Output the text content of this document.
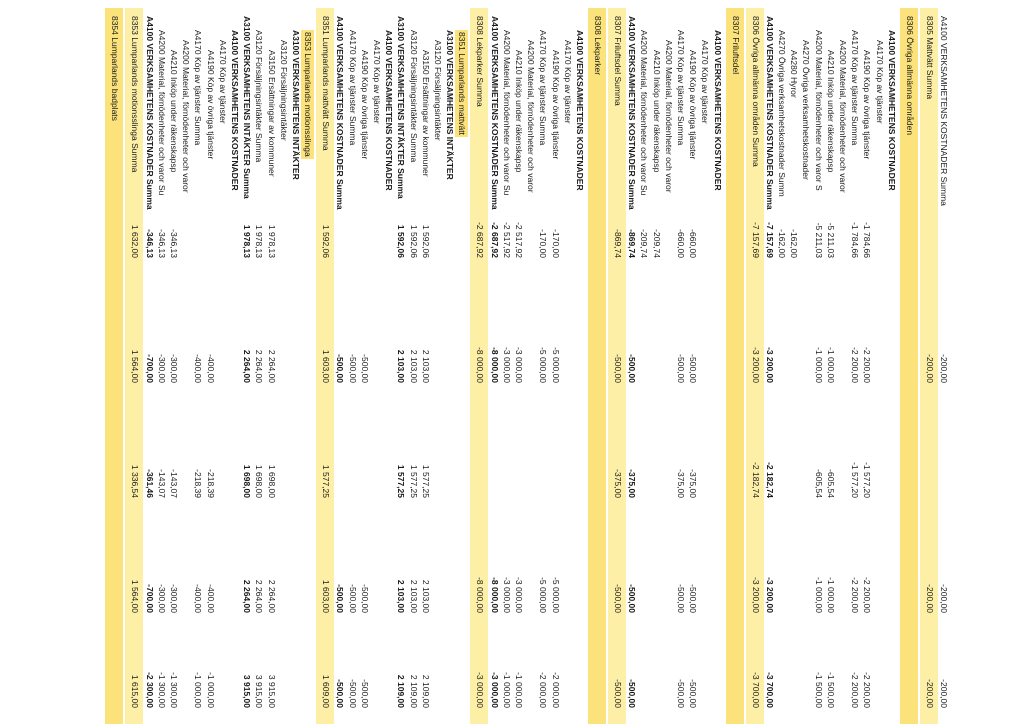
A4100 VERKSAMHETENS KOSTNADER Summa
-200,00
-200,00
-200,00
8305 Mattvätt Summa
-200,00
-200,00
-200,00
8306 Övriga allmänna områden
A4100 VERKSAMHETENS KOSTNADER
A4170 Köp av tjänster
A4190 Köp av övriga tjänster
-1 784,66
-2 200,00
-1 577,20
-2 200,00
-2 200,00
A4170 Köp av tjänster Summa
-1 784,66
-2 200,00
-1 577,20
-2 200,00
-2 200,00
A4200 Material, förnödenheter och varor
A4210 Inköp under räkenskapsp
-5 211,03
-1 000,00
-605,54
-1 000,00
-1 500,00
A4200 Material, förnödenheter och varor S
-5 211,03
-1 000,00
-605,54
-1 000,00
-1 500,00
A4270 Övriga verksamhetskostnader
A4280 Hyror
-162,00
A4270 Övriga verksamhetskostnader Summ
-162,00
A4100 VERKSAMHETENS KOSTNADER Summa
-7 157,69
-3 200,00
-2 182,74
-3 200,00
-3 700,00
8306 Övriga allmänna områden Summa
-7 157,69
-3 200,00
-2 182,74
-3 200,00
-3 700,00
8307 Friluftsdel
A4100 VERKSAMHETENS KOSTNADER
A4170 Köp av tjänster
A4190 Köp av övriga tjänster
-660,00
-500,00
-375,00
-500,00
-500,00
A4170 Köp av tjänster Summa
-660,00
-500,00
-375,00
-500,00
-500,00
A4200 Material, förnödenheter och varor
A4210 Inköp under räkenskapsp
-209,74
A4200 Material, förnödenheter och varor Su
-209,74
A4100 VERKSAMHETENS KOSTNADER Summa
-869,74
-500,00
-375,00
-500,00
-500,00
8307 Friluftsdel Summa
-869,74
-500,00
-375,00
-500,00
-500,00
8308 Lekparker
A4100 VERKSAMHETENS KOSTNADER
A4170 Köp av tjänster
A4190 Köp av övriga tjänster
-170,00
-5 000,00
-5 000,00
-2 000,00
A4170 Köp av tjänster Summa
-170,00
-5 000,00
-5 000,00
-2 000,00
A4200 Material, förnödenheter och varor
A4210 Inköp under räkenskapsp
-2 517,92
-3 000,00
-3 000,00
-1 000,00
A4200 Material, förnödenheter och varor Su
-2 517,92
-3 000,00
-3 000,00
-1 000,00
A4100 VERKSAMHETENS KOSTNADER Summa
-2 687,92
-8 000,00
-8 000,00
-3 000,00
8308 Lekparker Summa
-2 687,92
-8 000,00
-8 000,00
-3 000,00
8351 Lumparlands mattvätt
A3100 VERKSAMHETENS INTÄKTER
A3120 Försäljningsintäkter
A3150 Ersättningar av kommuner
1 592,06
2 103,00
1 577,25
2 103,00
2 109,00
A3120 Försäljningsintäkter Summa
1 592,06
2 103,00
1 577,25
2 103,00
2 109,00
A3100 VERKSAMHETENS INTÄKTER Summa
1 592,06
2 103,00
1 577,25
2 103,00
2 109,00
A4100 VERKSAMHETENS KOSTNADER
A4170 Köp av tjänster
A4190 Köp av övriga tjänster
-500,00
-500,00
-500,00
A4170 Köp av tjänster Summa
-500,00
-500,00
-500,00
A4100 VERKSAMHETENS KOSTNADER Summa
-500,00
-500,00
-500,00
8351 Lumparlands mattvätt Summa
1 592,06
1 603,00
1 577,25
1 603,00
1 609,00
8353 Lumparlands motionsslinga
A3100 VERKSAMHETENS INTÄKTER
A3120 Försäljningsintäkter
A3150 Ersättningar av kommuner
1 978,13
2 264,00
1 698,00
2 264,00
3 915,00
A3120 Försäljningsintäkter Summa
1 978,13
2 264,00
1 698,00
2 264,00
3 915,00
A3100 VERKSAMHETENS INTÄKTER Summa
1 978,13
2 264,00
1 698,00
2 264,00
3 915,00
A4100 VERKSAMHETENS KOSTNADER
A4170 Köp av tjänster
A4190 Köp av övriga tjänster
-400,00
-218,39
-400,00
-1 000,00
A4170 Köp av tjänster Summa
-400,00
-218,39
-400,00
-1 000,00
A4200 Material, förnödenheter och varor
A4210 Inköp under räkenskapsp
-346,13
-300,00
-143,07
-300,00
-1 300,00
A4200 Material, förnödenheter och varor Su
-346,13
-300,00
-143,07
-300,00
-1 300,00
A4100 VERKSAMHETENS KOSTNADER Summa
-346,13
-700,00
-361,46
-700,00
-2 300,00
8353 Lumparlands motionsslinga Summa
1 632,00
1 564,00
1 336,54
1 564,00
1 615,00
8354 Lumparlands badplats
